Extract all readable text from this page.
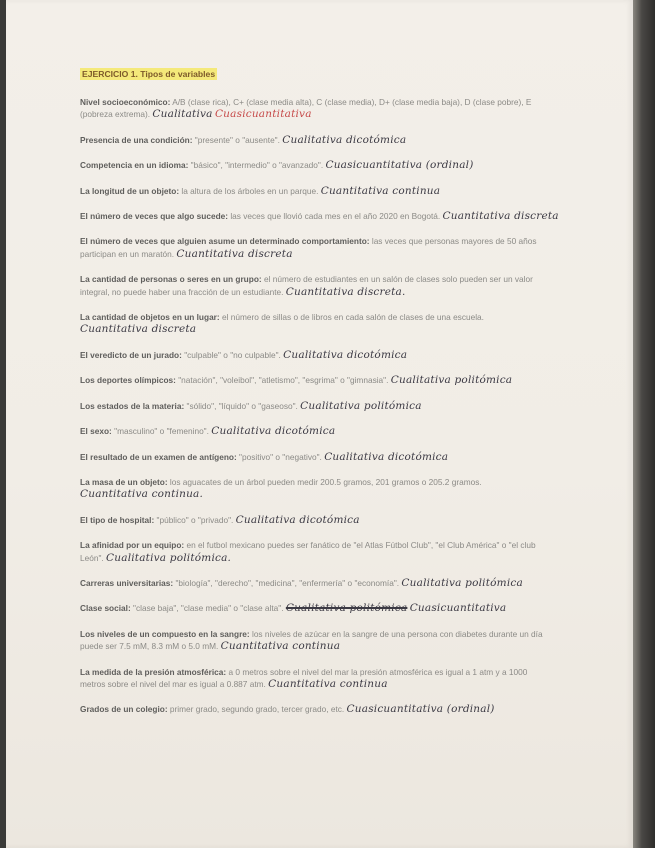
EJERCICIO 1. Tipos de variables
Nivel socioeconómico: A/B (clase rica), C+ (clase media alta), C (clase media), D+ (clase media baja), D (clase pobre), E (pobreza extrema). Cualitativa Cuasicuantitativa
Presencia de una condición: "presente" o "ausente". Cualitativa dicotómica
Competencia en un idioma: "básico", "intermedio" o "avanzado". Cuasicuantitativa (ordinal)
La longitud de un objeto: la altura de los árboles en un parque. Cuantitativa continua
El número de veces que algo sucede: las veces que llovió cada mes en el año 2020 en Bogotá. Cuantitativa discreta
El número de veces que alguien asume un determinado comportamiento: las veces que personas mayores de 50 años participan en un maratón. Cuantitativa discreta
La cantidad de personas o seres en un grupo: el número de estudiantes en un salón de clases solo pueden ser un valor integral, no puede haber una fracción de un estudiante. Cuantitativa discreta.
La cantidad de objetos en un lugar: el número de sillas o de libros en cada salón de clases de una escuela. Cuantitativa discreta
El veredicto de un jurado: "culpable" o "no culpable". Cualitativa dicotómica
Los deportes olímpicos: "natación", "voleibol", "atletismo", "esgrima" o "gimnasia". Cualitativa politómica
Los estados de la materia: "sólido", "líquido" o "gaseoso". Cualitativa politómica
El sexo: "masculino" o "femenino". Cualitativa dicotómica
El resultado de un examen de antígeno: "positivo" o "negativo". Cualitativa dicotómica
La masa de un objeto: los aguacates de un árbol pueden medir 200.5 gramos, 201 gramos o 205.2 gramos. Cuantitativa continua.
El tipo de hospital: "público" o "privado". Cualitativa dicotómica
La afinidad por un equipo: en el futbol mexicano puedes ser fanático de "el Atlas Fútbol Club", "el Club América" o "el club León". Cualitativa politómica.
Carreras universitarias: "biología", "derecho", "medicina", "enfermería" o "economía". Cualitativa politómica
Clase social: "clase baja", "clase media" o "clase alta". Cualitativa politómica Cuasicuantitativa
Los niveles de un compuesto en la sangre: los niveles de azúcar en la sangre de una persona con diabetes durante un día puede ser 7.5 mM, 8.3 mM o 5.0 mM. Cuantitativa continua
La medida de la presión atmosférica: a 0 metros sobre el nivel del mar la presión atmosférica es igual a 1 atm y a 1000 metros sobre el nivel del mar es igual a 0.887 atm. Cuantitativa continua
Grados de un colegio: primer grado, segundo grado, tercer grado, etc. Cuasicuantitativa (ordinal)
